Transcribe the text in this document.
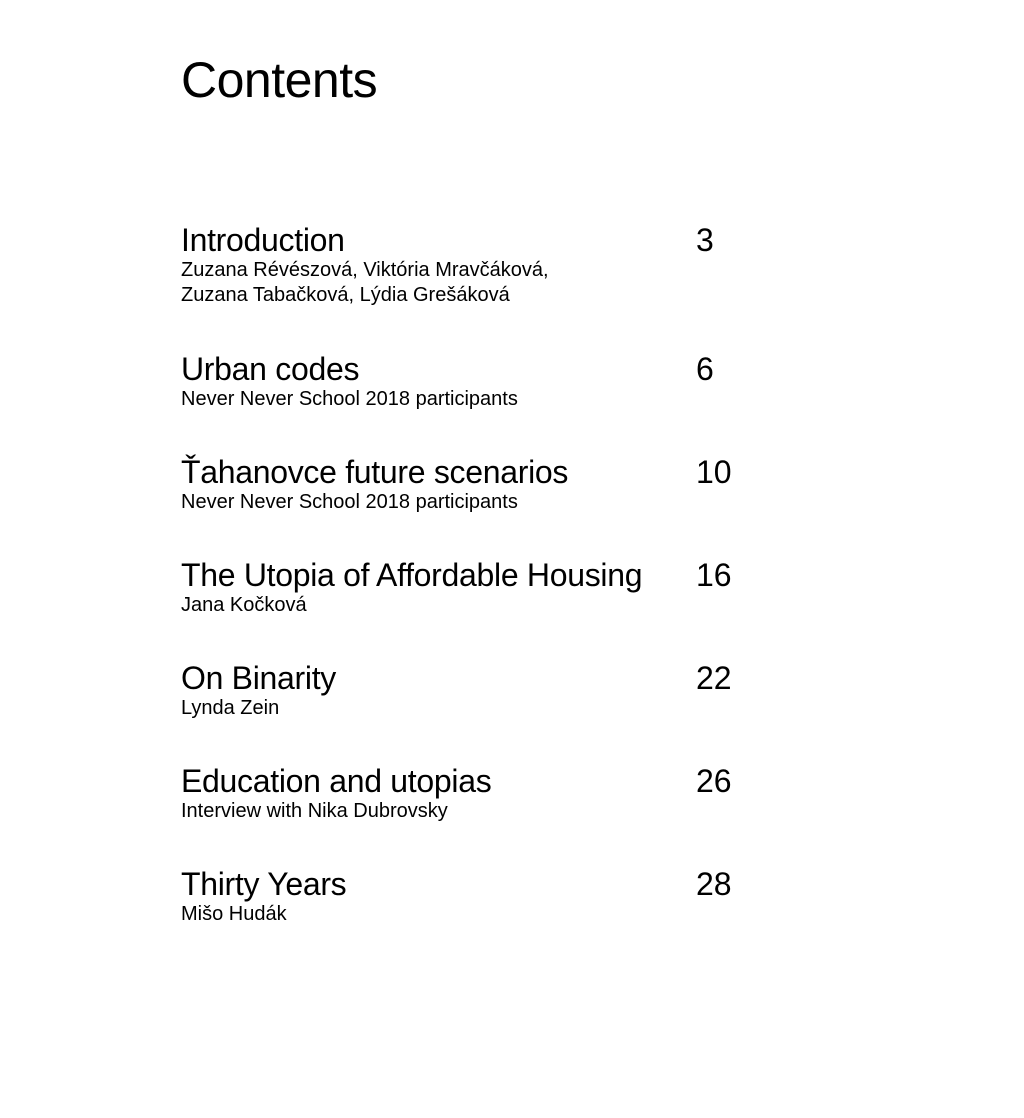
Contents
Introduction	3
Zuzana Révészová, Viktória Mravčáková,
Zuzana Tabačková, Lýdia Grešáková
Urban codes	6
Never Never School 2018 participants
Ťahanovce future scenarios	10
Never Never School 2018 participants
The Utopia of Affordable Housing	16
Jana Kočková
On Binarity	22
Lynda Zein
Education and utopias	26
Interview with Nika Dubrovsky
Thirty Years	28
Mišo Hudák
